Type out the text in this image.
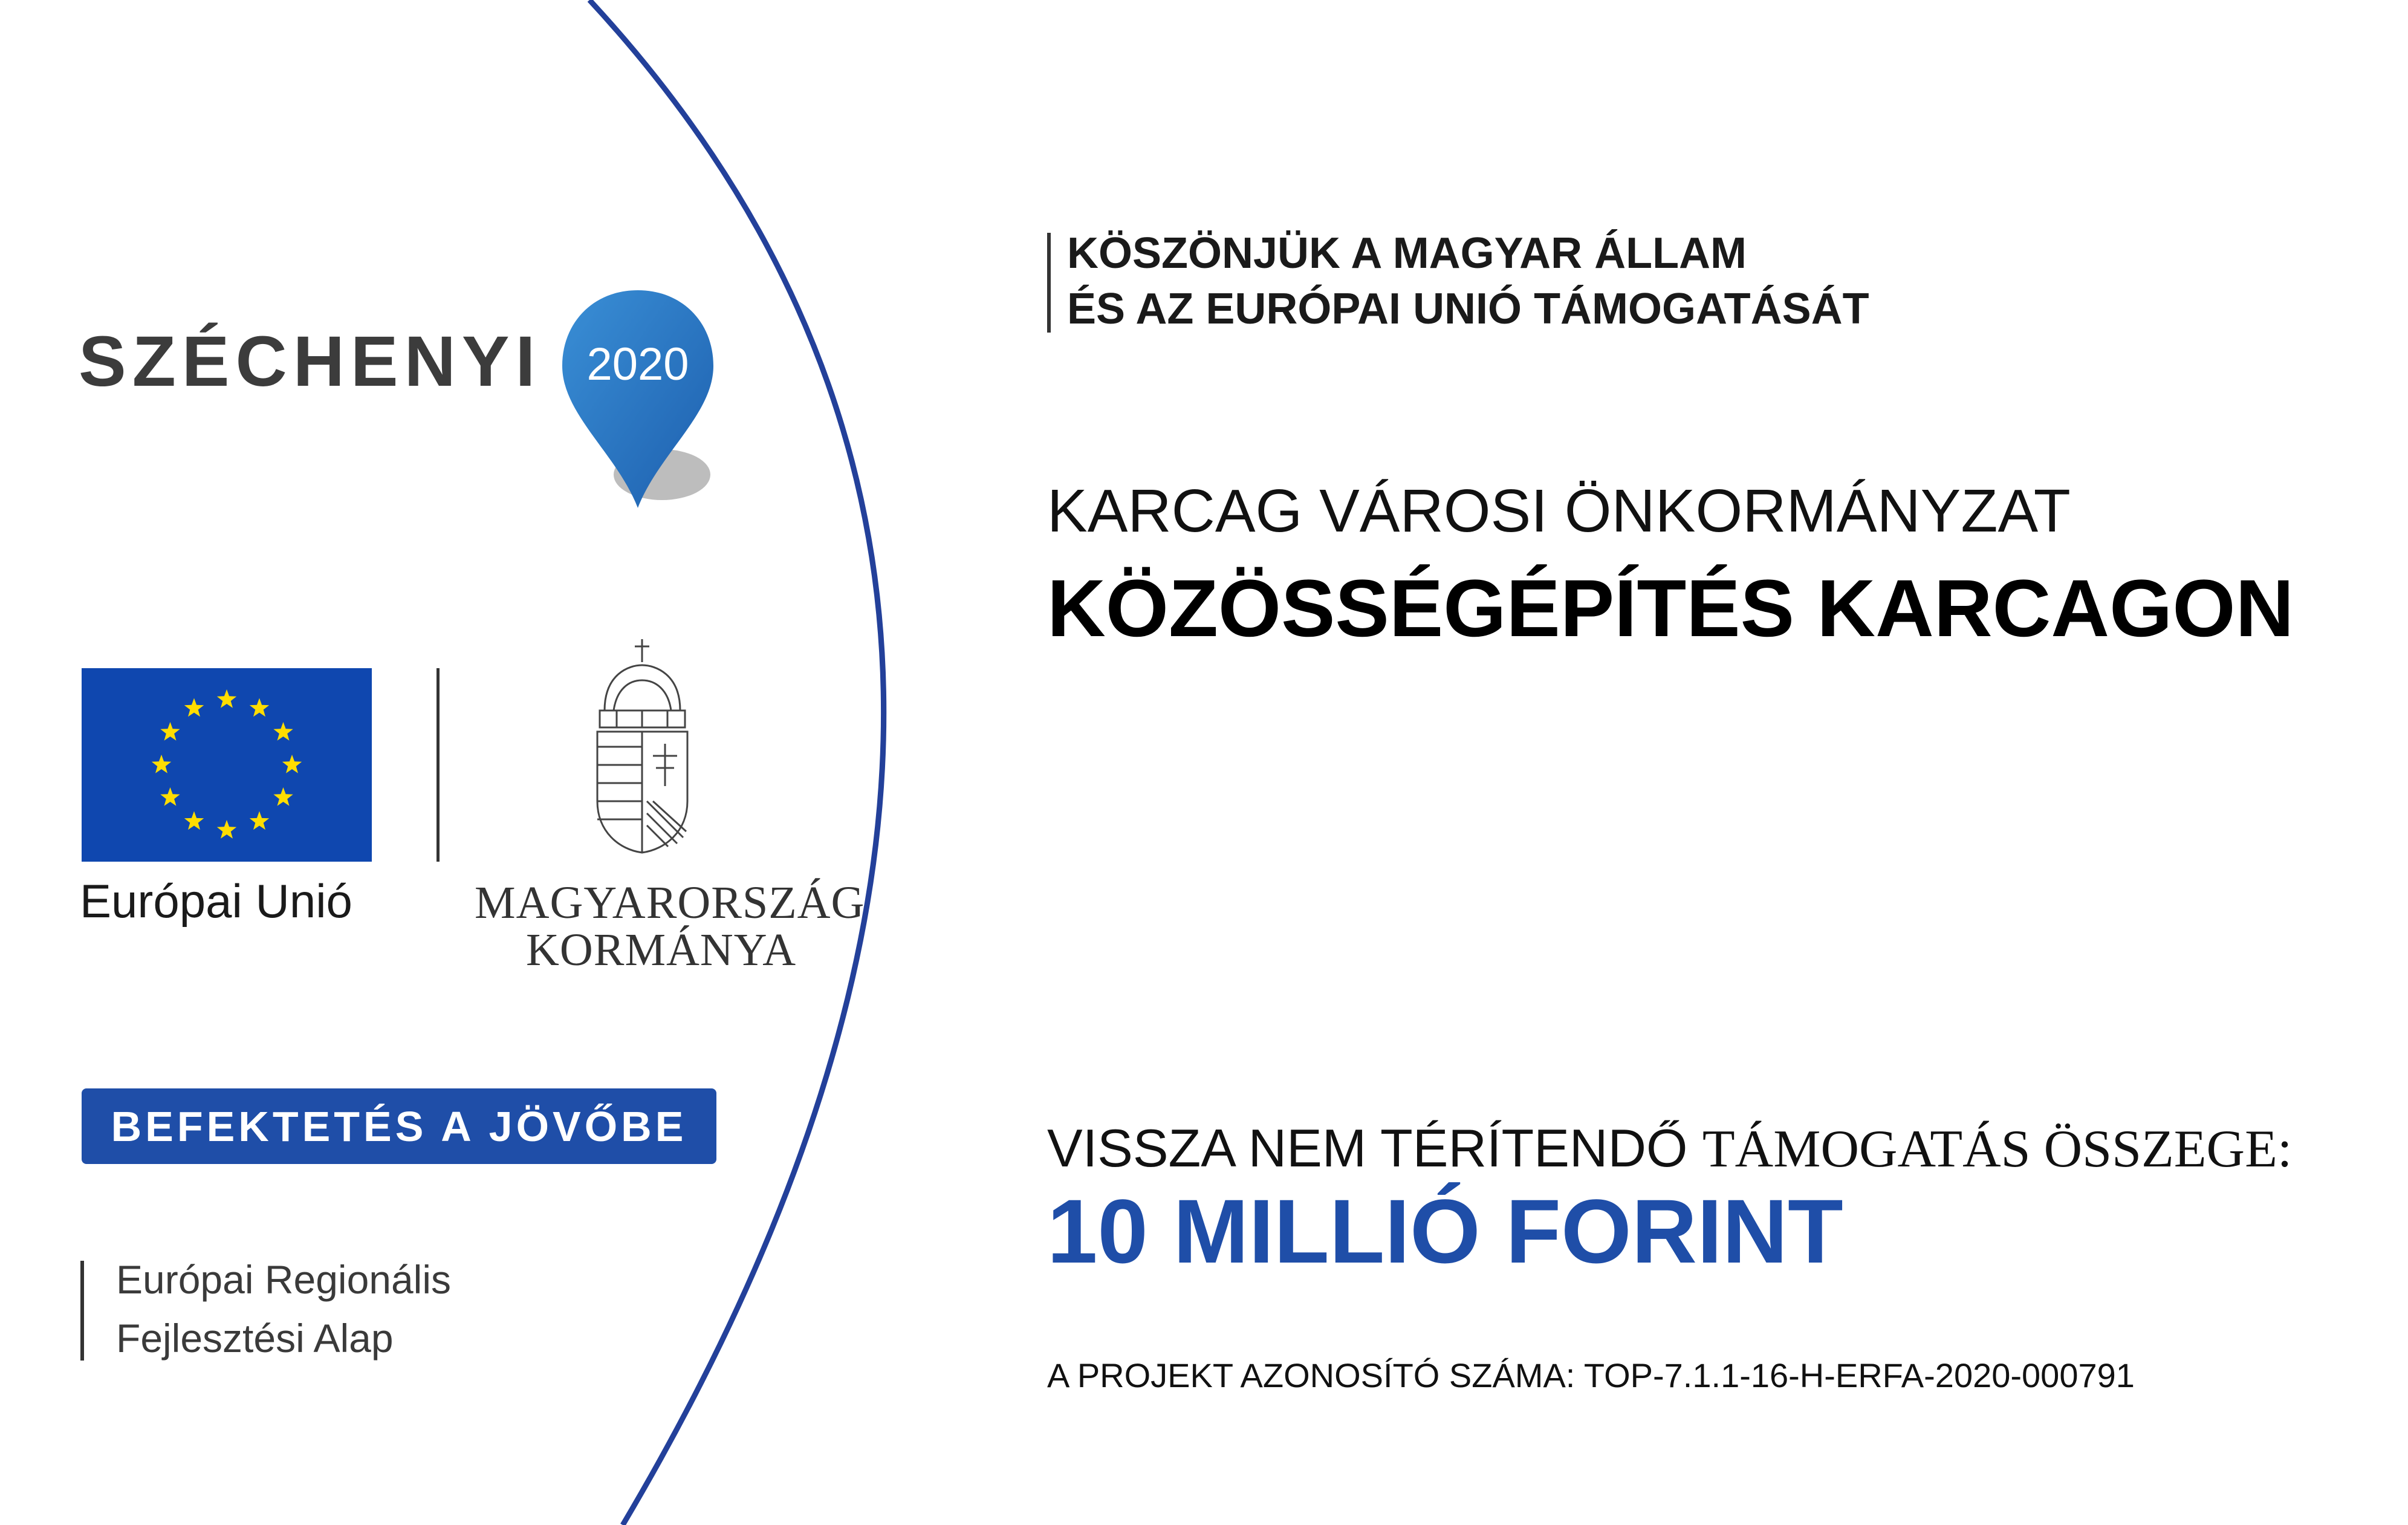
SZÉCHENYI 2020
Európai Unió	MAGYARORSZÁG
KORMÁNYA
BEFEKTETÉS A JÖVŐBE
Európai Regionális
Fejlesztési Alap
KÖSZÖNJÜK A MAGYAR ÁLLAM
ÉS AZ EURÓPAI UNIÓ TÁMOGATÁSÁT
KARCAG VÁROSI ÖNKORMÁNYZAT
KÖZÖSSÉGÉPÍTÉS KARCAGON
VISSZA NEM TÉRÍTENDŐ TÁMOGATÁS ÖSSZEGE:
10 MILLIÓ FORINT
A PROJEKT AZONOSÍTÓ SZÁMA: TOP-7.1.1-16-H-ERFA-2020-000791
